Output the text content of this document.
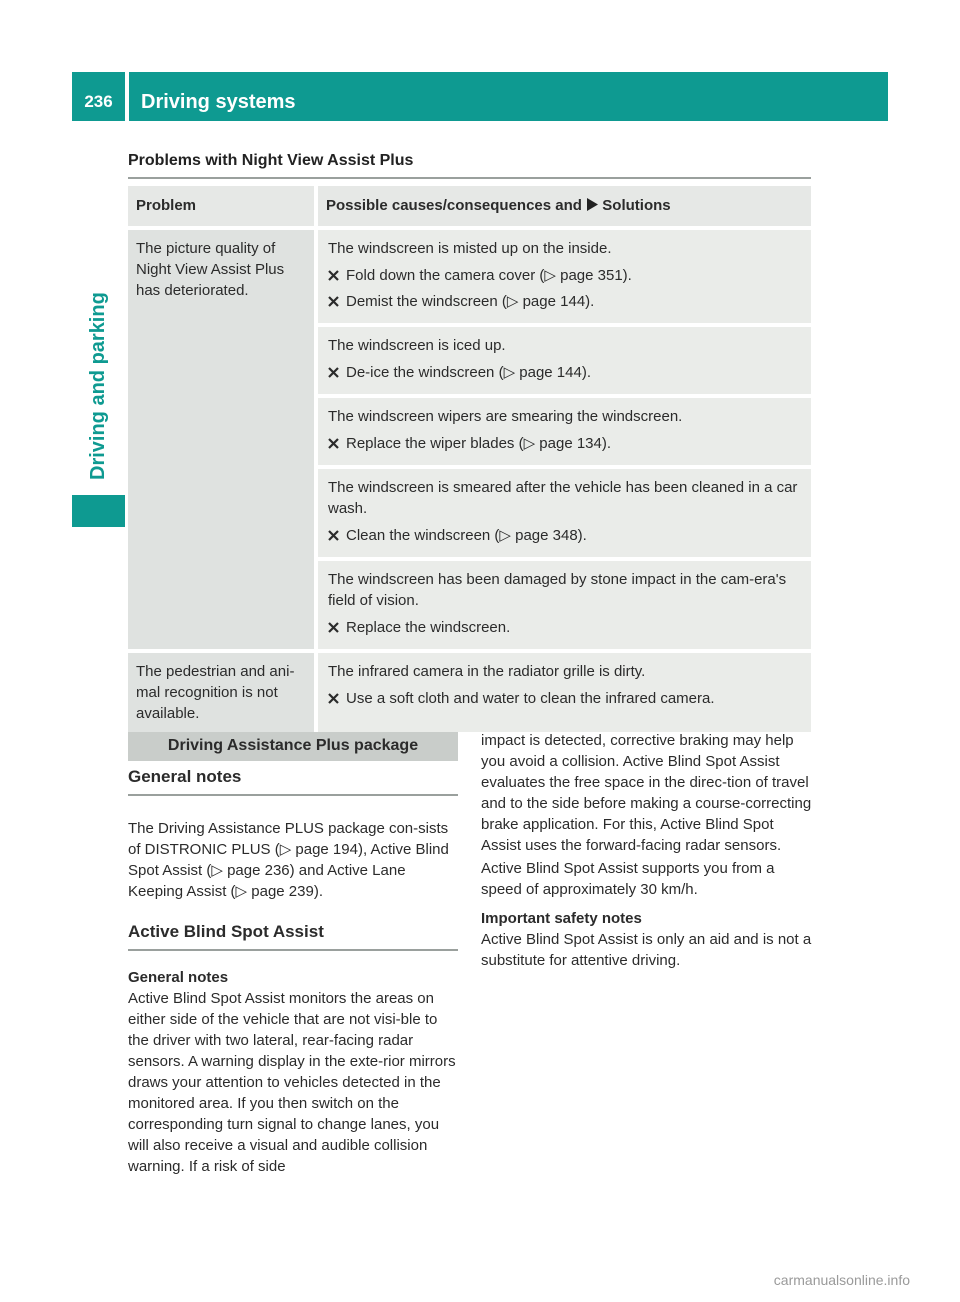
236	Driving systems
Driving and parking
Problems with Night View Assist Plus
Problem	Possible causes/consequences and Solutions
The picture quality of Night View Assist Plus has deteriorated.	The windscreen is misted up on the inside.
Fold down the camera cover (▷ page 351).
Demist the windscreen (▷ page 144).

	The windscreen is iced up.
De-ice the windscreen (▷ page 144).

	The windscreen wipers are smearing the windscreen.
Replace the wiper blades (▷ page 134).

	The windscreen is smeared after the vehicle has been cleaned in a car wash.
Clean the windscreen (▷ page 348).

	The windscreen has been damaged by stone impact in the cam-era's field of vision.
Replace the windscreen.

The pedestrian and ani-mal recognition is not available.	The infrared camera in the radiator grille is dirty.
Use a soft cloth and water to clean the infrared camera.
Driving Assistance Plus package
General notes

The Driving Assistance PLUS package con-sists of DISTRONIC PLUS (▷ page 194), Active Blind Spot Assist (▷ page 236) and Active Lane Keeping Assist (▷ page 239).

Active Blind Spot Assist
General notes

Active Blind Spot Assist monitors the areas on either side of the vehicle that are not visi-ble to the driver with two lateral, rear-facing radar sensors. A warning display in the exte-rior mirrors draws your attention to vehicles detected in the monitored area. If you then switch on the corresponding turn signal to change lanes, you will also receive a visual and audible collision warning. If a risk of side

impact is detected, corrective braking may help you avoid a collision. Active Blind Spot Assist evaluates the free space in the direc-tion of travel and to the side before making a course-correcting brake application. For this, Active Blind Spot Assist uses the forward-facing radar sensors.

Active Blind Spot Assist supports you from a speed of approximately 30 km/h.

Important safety notes

Active Blind Spot Assist is only an aid and is not a substitute for attentive driving.

carmanualsonline.info
